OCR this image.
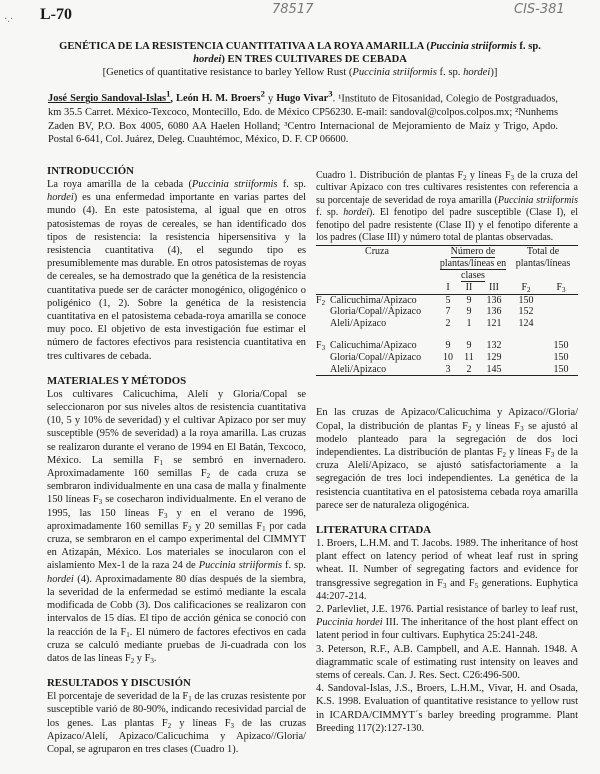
·.· L-70	78517	CIS-381
GENÉTICA DE LA RESISTENCIA CUANTITATIVA A LA ROYA AMARILLA (Puccinia striiformis f. sp.
hordei) EN TRES CULTIVARES DE CEBADA
[Genetics of quantitative resistance to barley Yellow Rust (Puccinia striiformis f. sp. hordei)]
José Sergio Sandoval-Islas$^1$, León H. M. Broers$^2$ y Hugo Vivar$^3$. ¹Instituto de Fitosanidad, Colegio de Postgraduados, km 35.5 Carret. México-Texcoco, Montecillo, Edo. de México CP56230. E-mail: sandoval@colpos.colpos.mx; ²Nunhems Zaden BV, P.O. Box 4005, 6080 AA Haelen Holland; ³Centro Internacional de Mejoramiento de Maíz y Trigo, Apdo. Postal 6-641, Col. Juárez, Deleg. Cuauhtémoc, México, D. F. CP 06600.
INTRODUCCIÓN

La roya amarilla de la cebada (Puccinia striiformis f. sp. hordei) es una enfermedad importante en varias partes del mundo (4). En este patosistema, al igual que en otros patosistemas de royas de cereales, se han identificado dos tipos de resistencia: la resistencia hipersensitiva y la resistencia cuantitativa (4), el segundo tipo es presumiblemente mas durable. En otros patosistemas de royas de cereales, se ha demostrado que la genética de la resistencia cuantitativa puede ser de carácter monogénico, oligogénico o poligénico (1, 2). Sobre la genética de la resistencia cuantitativa en el patosistema cebada-roya amarilla se conoce muy poco. El objetivo de esta investigación fue estimar el número de factores efectivos para resistencia cuantitativa en tres cultivares de cebada.

MATERIALES Y MÉTODOS

Los cultivares Calicuchima, Alelí y Gloria/Copal se seleccionaron por sus niveles altos de resistencia cuantitativa (10, 5 y 10% de severidad) y el cultivar Apizaco por ser muy susceptible (95% de severidad) a la roya amarilla. Las cruzas se realizaron durante el verano de 1994 en El Batán, Texcoco, México. La semilla $F_1$ se sembró en invernadero. Aproximadamente 160 semillas $F_2$ de cada cruza se sembraron individualmente en una casa de malla y finalmente 150 líneas $F_3$ se cosecharon individualmente. En el verano de 1995, las 150 líneas $F_3$ y en el verano de 1996, aproximadamente 160 semillas $F_2$ y 20 semillas $F_1$ por cada cruza, se sembraron en el campo experimental del CIMMYT en Atizapán, México. Los materiales se inocularon con el aislamiento Mex-1 de la raza 24 de Puccinia striiformis f. sp. hordei (4). Aproximadamente 80 días después de la siembra, la severidad de la enfermedad se estimó mediante la escala modificada de Cobb (3). Dos calificaciones se realizaron con intervalos de 15 días. El tipo de acción génica se conoció con la reacción de la $F_1$. El número de factores efectivos en cada cruza se calculó mediante pruebas de Ji-cuadrada con los datos de las líneas $F_2$ y $F_3$.

RESULTADOS Y DISCUSIÓN

El porcentaje de severidad de la $F_1$ de las cruzas resistente por susceptible varió de 80-90%, indicando recesividad parcial de los genes. Las plantas $F_2$ y líneas $F_3$ de las cruzas Apizaco/Alelí, Apizaco/Calicuchima y Apizaco//Gloria/ Copal, se agruparon en tres clases (Cuadro 1).

Cuadro 1. Distribución de plantas $F_2$ y líneas $F_3$ de la cruza del cultivar Apizaco con tres cultivares resistentes con referencia a su porcentaje de severidad de roya amarilla (Puccinia striiformis f. sp. hordei). El fenotipo del padre susceptible (Clase I), el fenotipo del padre resistente (Clase II) y el fenotipo diferente a los padres (Clase III) y número total de plantas observadas.

Cruza		Número de plantas/líneas en clases			Total de plantas/líneas	
		I	II	III	$F_2$	$F_3$
$F_2$	Calicuchima/Apizaco	5	9	136	150	
	Gloria/Copal//Apizaco	7	9	136	152	
	Aleli/Apizaco	2	1	121	124	

$F_3$	Calicuchima/Apizaco	9	9	132		150
	Gloria/Copal//Apizaco	10	11	129		150
	Aleli/Apizaco	3	2	145		150

En las cruzas de Apizaco/Calicuchima y Apizaco//Gloria/ Copal, la distribución de plantas $F_2$ y líneas $F_3$ se ajustó al modelo planteado para la segregación de dos loci independientes. La distribución de plantas $F_2$ y líneas $F_3$ de la cruza Alelí/Apizaco, se ajustó satisfactoriamente a la segregación de tres loci independientes. La genética de la resistencia cuantitativa en el patosistema cebada roya amarilla parece ser de naturaleza oligogénica.

LITERATURA CITADA

1. Broers, L.H.M. and T. Jacobs. 1989. The inheritance of host plant effect on latency period of wheat leaf rust in spring wheat. II. Number of segregating factors and evidence for transgressive segregation in $F_3$ and $F_5$ generations. Euphytica 44:207-214.

2. Parlevliet, J.E. 1976. Partial resistance of barley to leaf rust, Puccinia hordei III. The inheritance of the host plant effect on latent period in four cultivars. Euphytica 25:241-248.

3. Peterson, R.F., A.B. Campbell, and A.E. Hannah. 1948. A diagrammatic scale of estimating rust intensity on leaves and stems of cereals. Can. J. Res. Sect. C26:496-500.

4. Sandoval-Islas, J.S., Broers, L.H.M., Vivar, H. and Osada, K.S. 1998. Evaluation of quantitative resistance to yellow rust in ICARDA/CIMMYT´s barley breeding programme. Plant Breeding 117(2):127-130.
